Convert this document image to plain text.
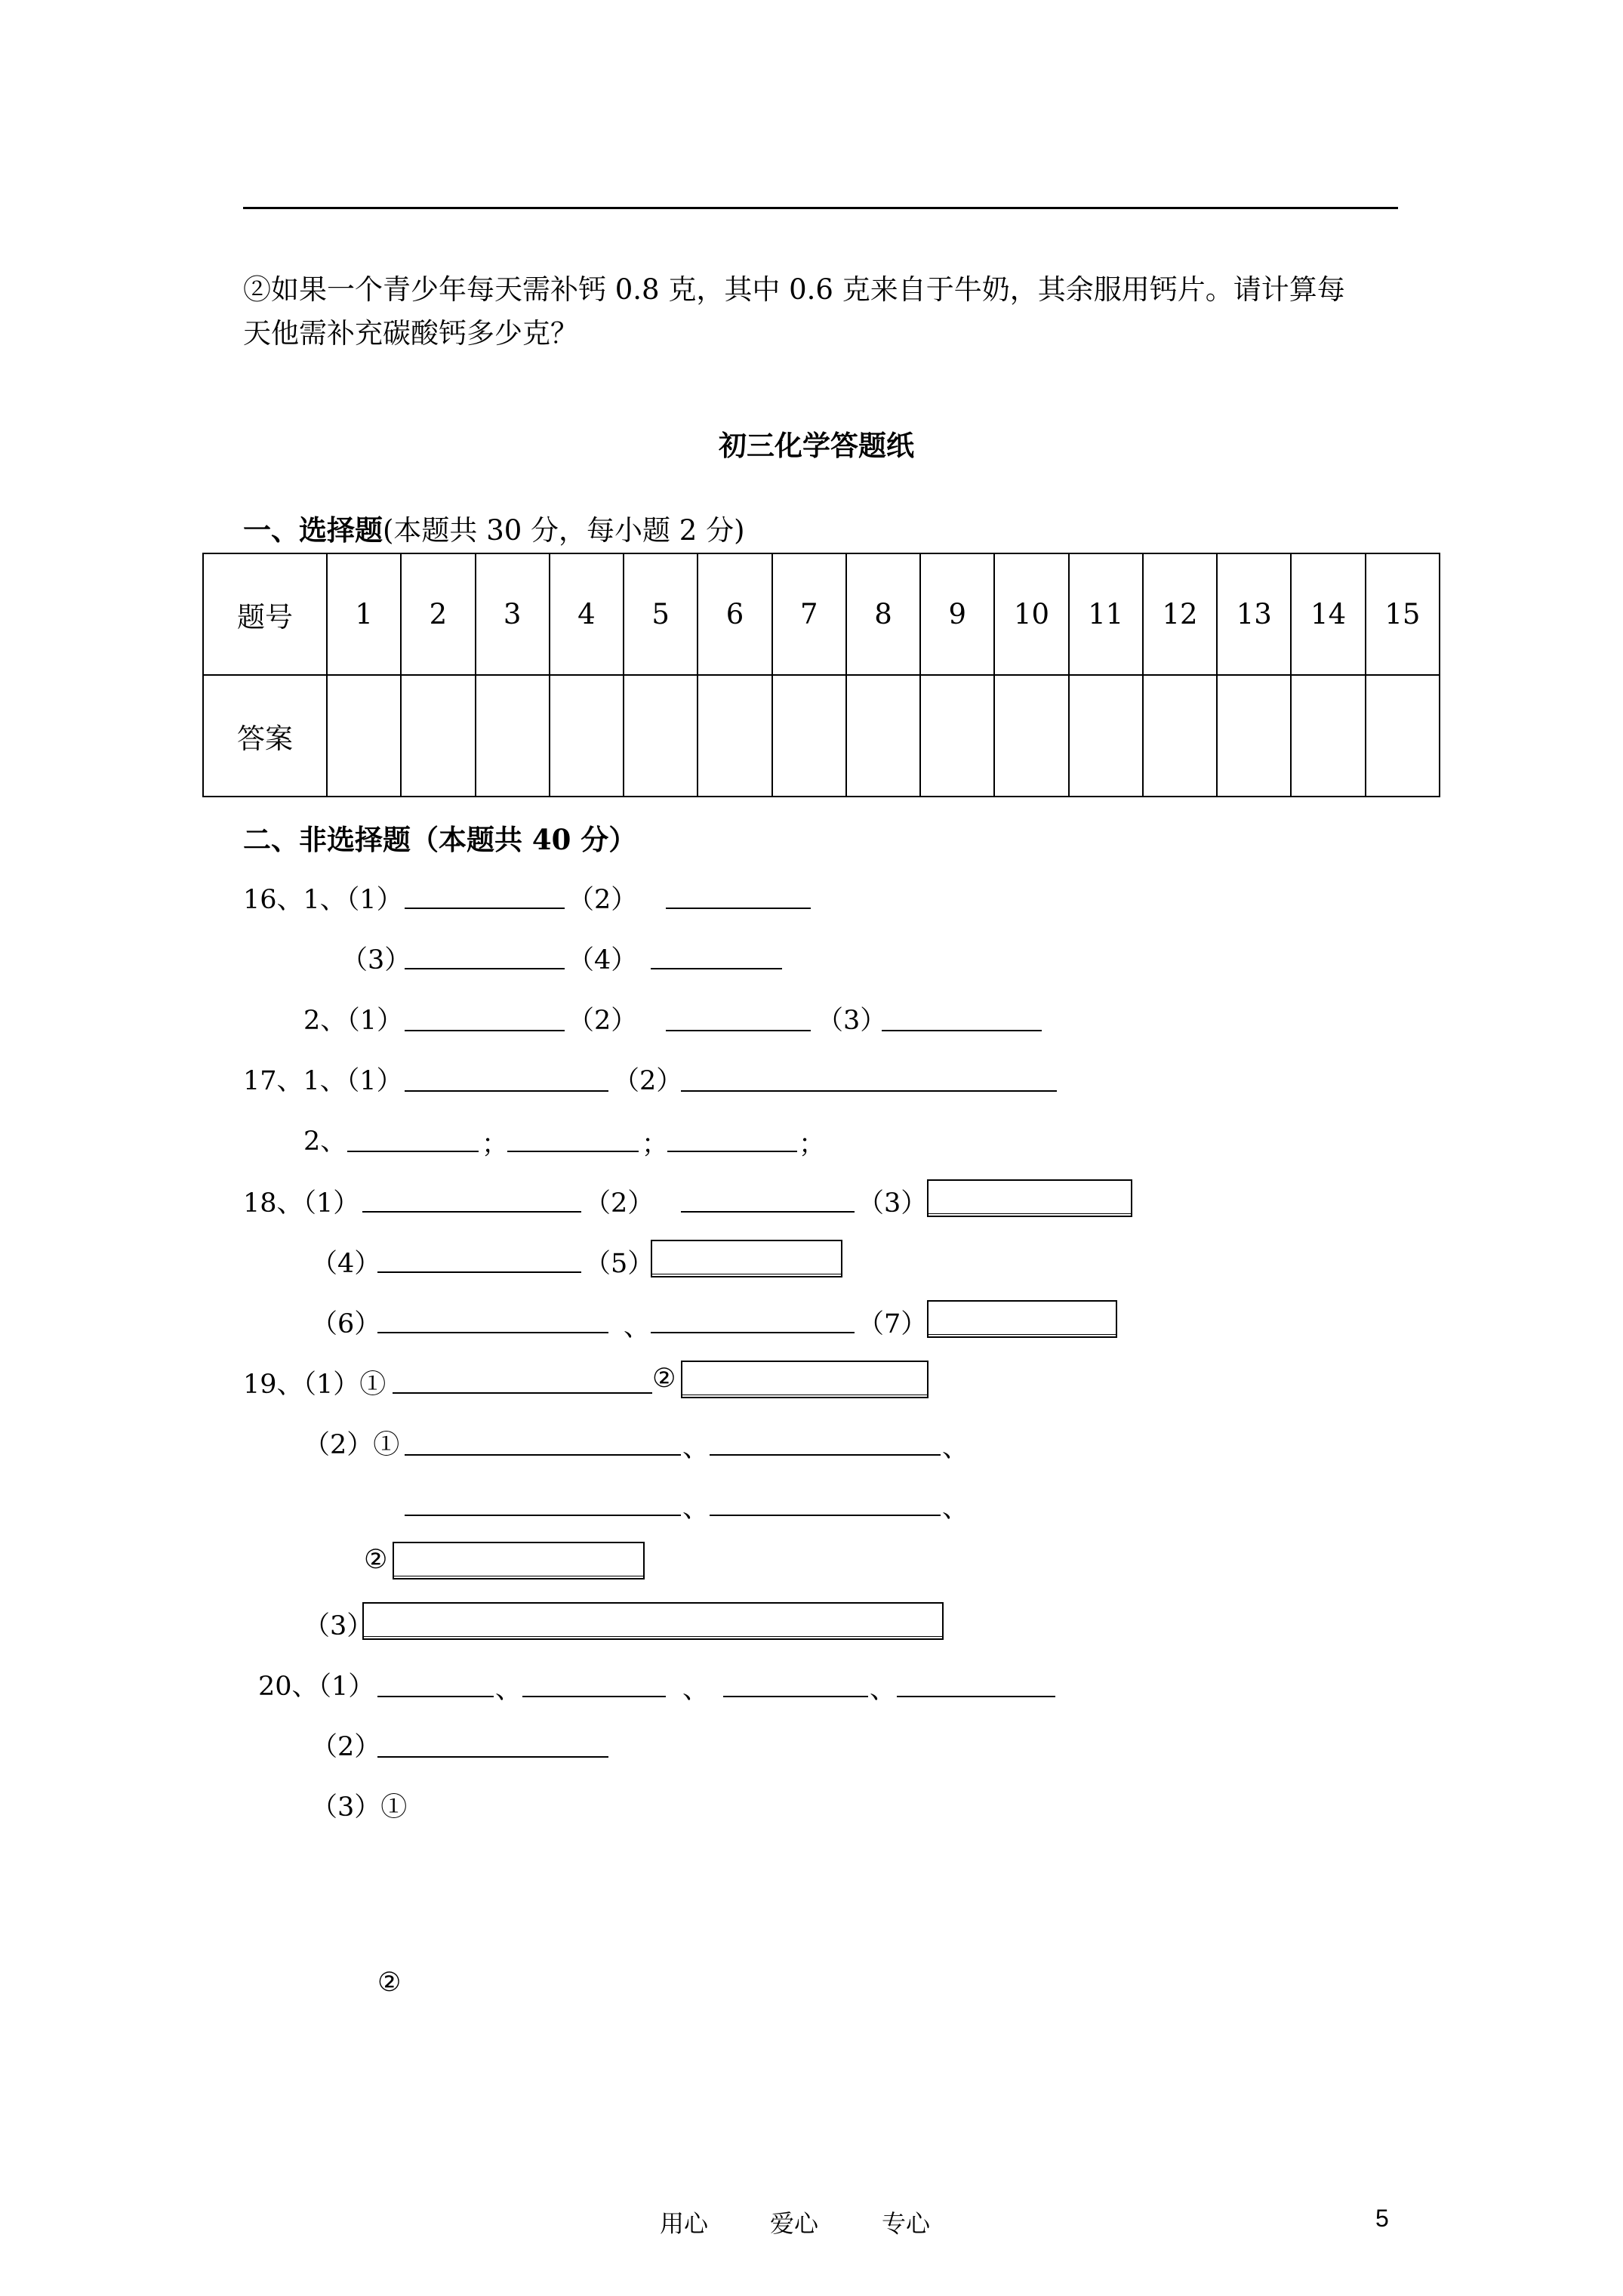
②如果一个青少年每天需补钙 0.8 克，其中 0.6 克来自于牛奶，其余服用钙片。请计算每
天他需补充碳酸钙多少克？
初三化学答题纸
一、选择题(本题共 30 分，每小题 2 分)
题号	1	2	3	4	5	6	7	8	9	10	11	12	13	14	15
答案															
二、非选择题（本题共 40 分）
16、1、（1）	（2）
（3）	（4）
2、（1）	（2）	（3）
17、1、（1）	（2）
2、	；	；	；
18、（1）	（2）	（3）
（4）	（5）
（6）	、	（7）
19、（1）①	②
（2）①	、	、
、	、
②
（3）
20、（1）	、	、	、
（2）
（3）①
②
用心	爱心	专心	5
